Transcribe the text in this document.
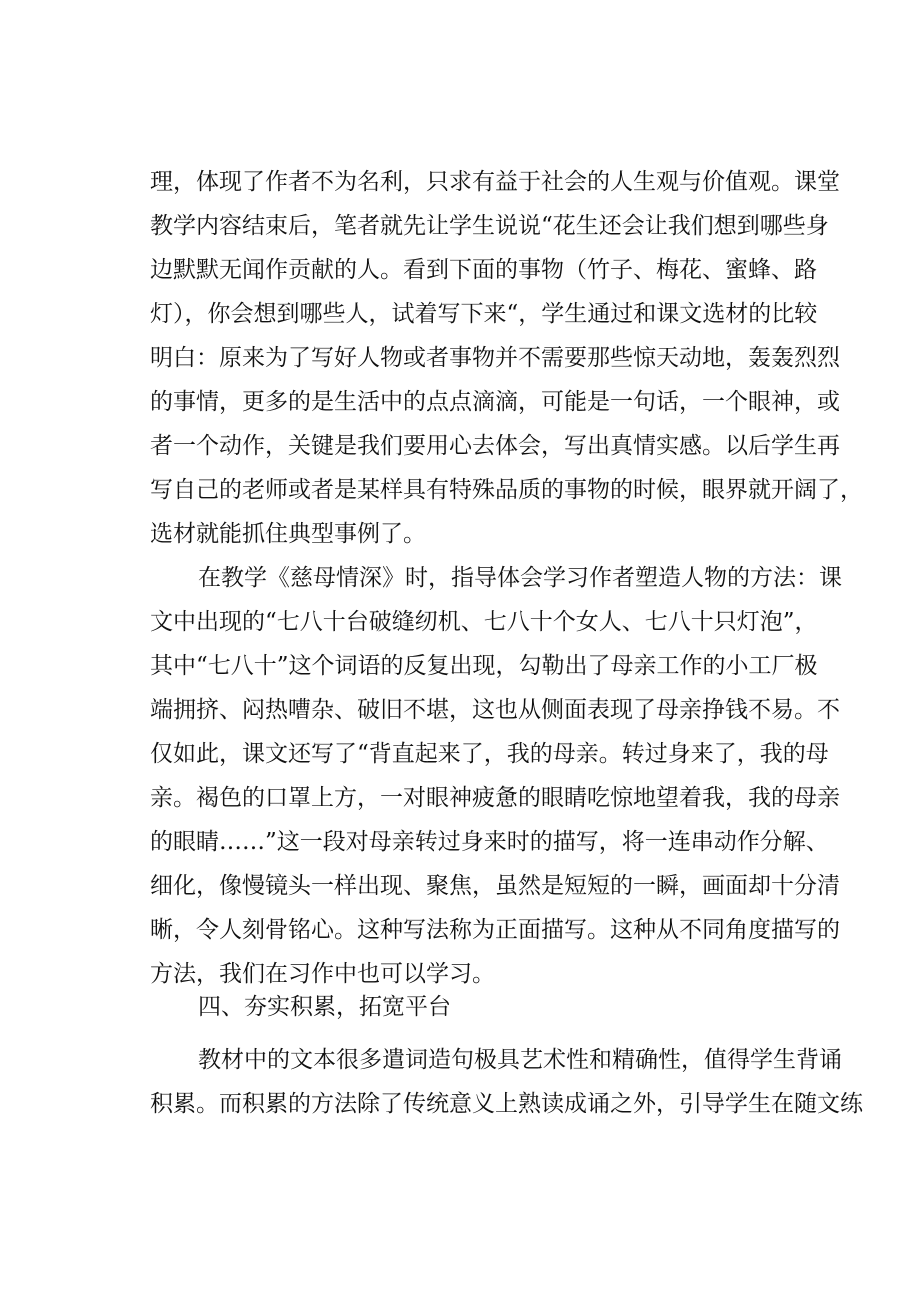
理，体现了作者不为名利，只求有益于社会的人生观与价值观。课堂
教学内容结束后，笔者就先让学生说说“花生还会让我们想到哪些身
边默默无闻作贡献的人。看到下面的事物（竹子、梅花、蜜蜂、路
灯），你会想到哪些人，试着写下来“，学生通过和课文选材的比较
明白：原来为了写好人物或者事物并不需要那些惊天动地，轰轰烈烈
的事情，更多的是生活中的点点滴滴，可能是一句话，一个眼神，或
者一个动作，关键是我们要用心去体会，写出真情实感。以后学生再
写自己的老师或者是某样具有特殊品质的事物的时候，眼界就开阔了，
选材就能抓住典型事例了。
在教学《慈母情深》时，指导体会学习作者塑造人物的方法：课
文中出现的“七八十台破缝纫机、七八十个女人、七八十只灯泡”，
其中“七八十”这个词语的反复出现，勾勒出了母亲工作的小工厂极
端拥挤、闷热嘈杂、破旧不堪，这也从侧面表现了母亲挣钱不易。不
仅如此，课文还写了“背直起来了，我的母亲。转过身来了，我的母
亲。褐色的口罩上方，一对眼神疲惫的眼睛吃惊地望着我，我的母亲
的眼睛……”这一段对母亲转过身来时的描写，将一连串动作分解、
细化，像慢镜头一样出现、聚焦，虽然是短短的一瞬，画面却十分清
晰，令人刻骨铭心。这种写法称为正面描写。这种从不同角度描写的
方法，我们在习作中也可以学习。
四、夯实积累，拓宽平台
教材中的文本很多遣词造句极具艺术性和精确性，值得学生背诵
积累。而积累的方法除了传统意义上熟读成诵之外，引导学生在随文练
